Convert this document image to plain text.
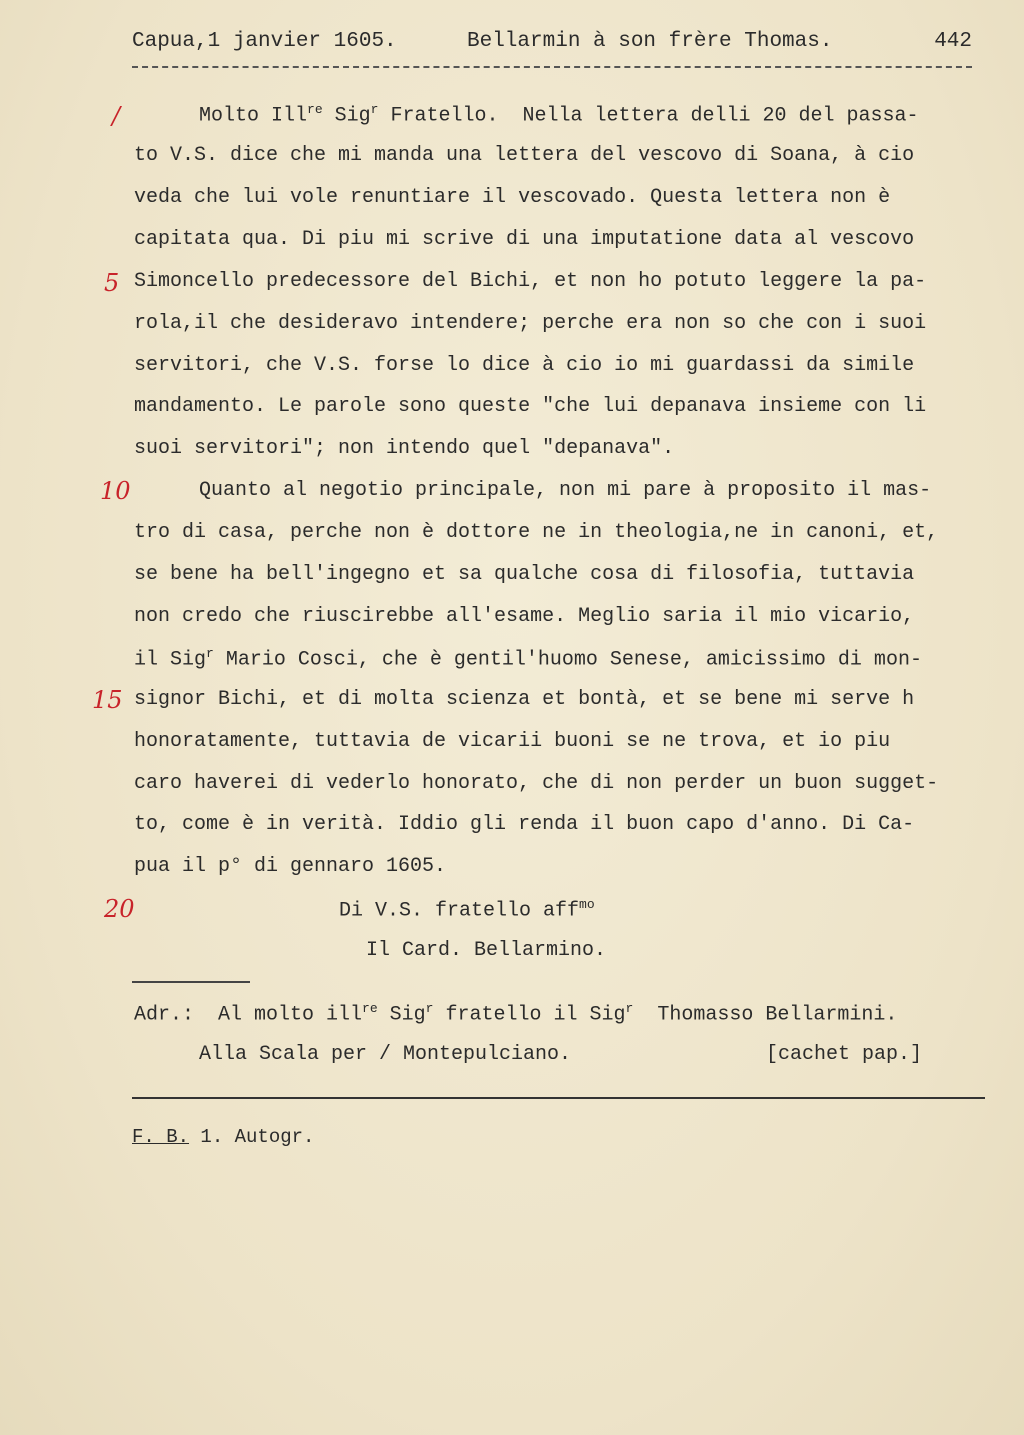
Capua,1 janvier 1605.	Bellarmin à son frère Thomas.	442
/
5
10
15
20
Molto Ill$^{re}$ Sig$^r$ Fratello.  Nella lettera delli 20 del passa-
to V.S. dice che mi manda una lettera del vescovo di Soana, à cio
veda che lui vole renuntiare il vescovado. Questa lettera non è
capitata qua. Di piu mi scrive di una imputatione data al vescovo
Simoncello predecessore del Bichi, et non ho potuto leggere la pa-
rola,il che desideravo intendere; perche era non so che con i suoi
servitori, che V.S. forse lo dice à cio io mi guardassi da simile
mandamento. Le parole sono queste "che lui depanava insieme con li
suoi servitori"; non intendo quel "depanava".
Quanto al negotio principale, non mi pare à proposito il mas-
tro di casa, perche non è dottore ne in theologia,ne in canoni, et,
se bene ha bell'ingegno et sa qualche cosa di filosofia, tuttavia
non credo che riuscirebbe all'esame. Meglio saria il mio vicario,
il Sig$^r$ Mario Cosci, che è gentil'huomo Senese, amicissimo di mon-
signor Bichi, et di molta scienza et bontà, et se bene mi serve h
honoratamente, tuttavia de vicarii buoni se ne trova, et io piu
caro haverei di vederlo honorato, che di non perder un buon sugget-
to, come è in verità. Iddio gli renda il buon capo d'anno. Di Ca-
pua il p° di gennaro 1605.
Di V.S. fratello aff$^{mo}$
Il Card. Bellarmino.
Adr.:  Al molto ill$^{re}$ Sig$^r$ fratello il Sig$^r$  Thomasso Bellarmini.
Alla Scala per / Montepulciano.	[cachet pap.]
F. B. 1. Autogr.
